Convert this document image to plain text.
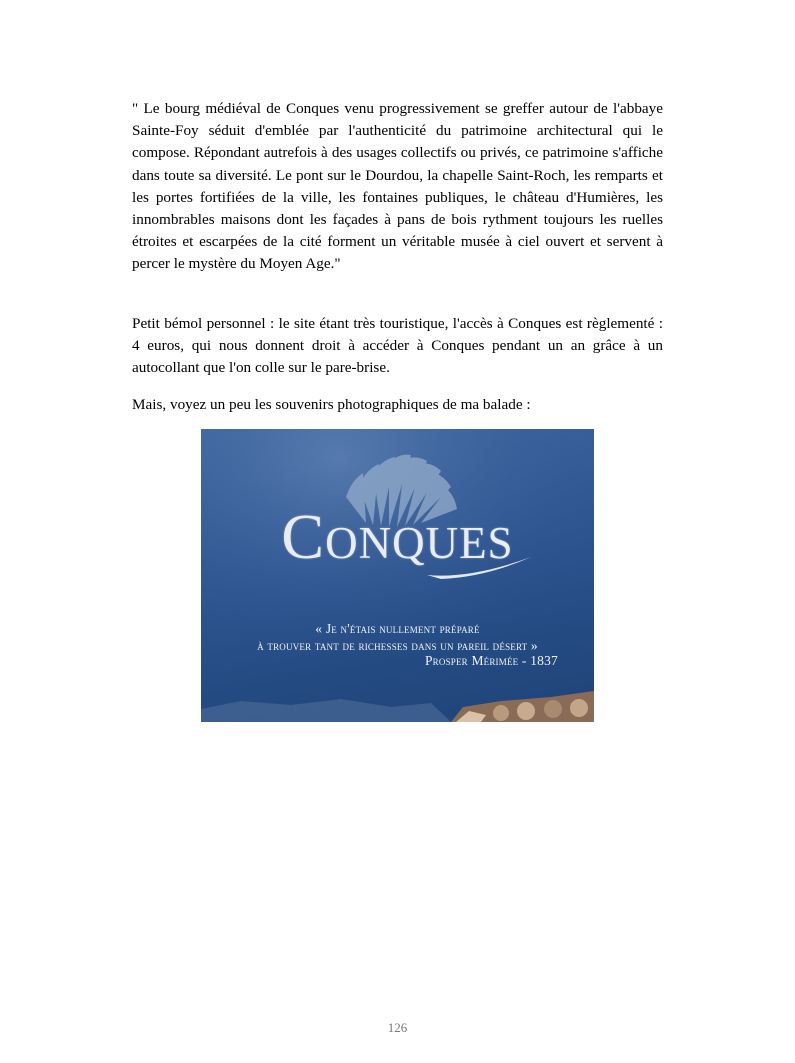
" Le bourg médiéval de Conques venu progressivement se greffer autour de l'abbaye Sainte-Foy séduit d'emblée par l'authenticité du patrimoine architectural qui le compose. Répondant autrefois à des usages collectifs ou privés, ce patrimoine s'affiche dans toute sa diversité. Le pont sur le Dourdou, la chapelle Saint-Roch, les remparts et les portes fortifiées de la ville, les fontaines publiques, le château d'Humières, les innombrables maisons dont les façades à pans de bois rythment toujours les ruelles étroites et escarpées de la cité forment un véritable musée à ciel ouvert et servent à percer le mystère du Moyen Age."

Petit bémol personnel : le site étant très touristique, l'accès à Conques est règlementé : 4 euros, qui nous donnent droit à accéder à Conques pendant un an grâce à un autocollant que l'on colle sur le pare-brise.

Mais, voyez un peu les souvenirs photographiques de ma balade :

Conques
« Je n'étais nullement préparé
à trouver tant de richesses dans un pareil désert »
Prosper Mérimée - 1837
126
